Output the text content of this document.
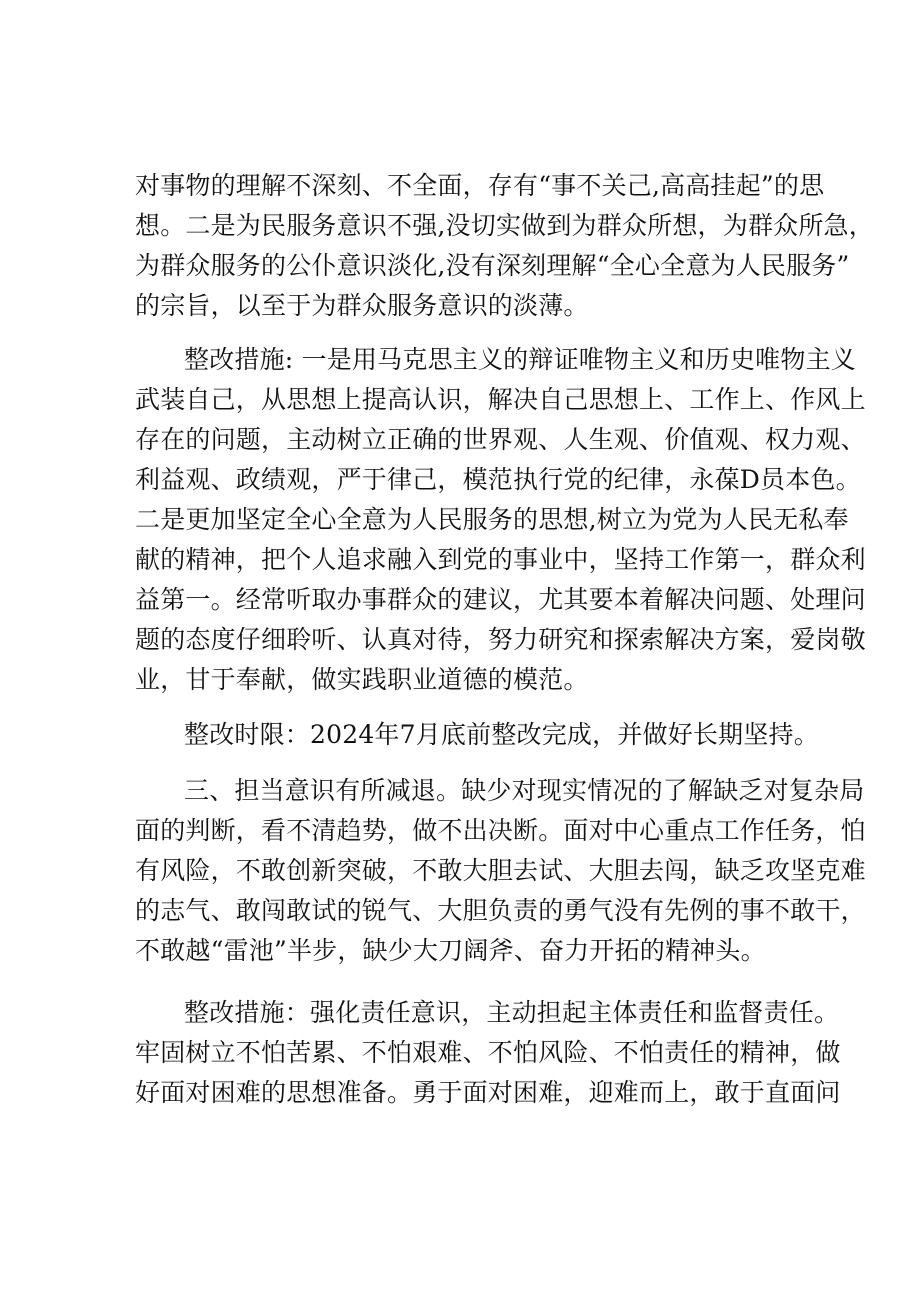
对事物的理解不深刻、不全面，存有“事不关己,高高挂起”的思
想。二是为民服务意识不强,没切实做到为群众所想，为群众所急，
为群众服务的公仆意识淡化,没有深刻理解“全心全意为人民服务”
的宗旨，以至于为群众服务意识的淡薄。
整改措施: 一是用马克思主义的辩证唯物主义和历史唯物主义
武装自己，从思想上提高认识，解决自己思想上、工作上、作风上
存在的问题，主动树立正确的世界观、人生观、价值观、权力观、
利益观、政绩观，严于律己，模范执行党的纪律，永葆D员本色。
二是更加坚定全心全意为人民服务的思想,树立为党为人民无私奉
献的精神，把个人追求融入到党的事业中，坚持工作第一，群众利
益第一。经常听取办事群众的建议，尤其要本着解决问题、处理问
题的态度仔细聆听、认真对待，努力研究和探索解决方案，爱岗敬
业，甘于奉献，做实践职业道德的模范。
整改时限：2024年7月底前整改完成，并做好长期坚持。
三、担当意识有所减退。缺少对现实情况的了解缺乏对复杂局
面的判断，看不清趋势，做不出决断。面对中心重点工作任务，怕
有风险，不敢创新突破，不敢大胆去试、大胆去闯，缺乏攻坚克难
的志气、敢闯敢试的锐气、大胆负责的勇气没有先例的事不敢干，
不敢越“雷池”半步，缺少大刀阔斧、奋力开拓的精神头。
整改措施：强化责任意识，主动担起主体责任和监督责任。
牢固树立不怕苦累、不怕艰难、不怕风险、不怕责任的精神，做
好面对困难的思想准备。勇于面对困难，迎难而上，敢于直面问
